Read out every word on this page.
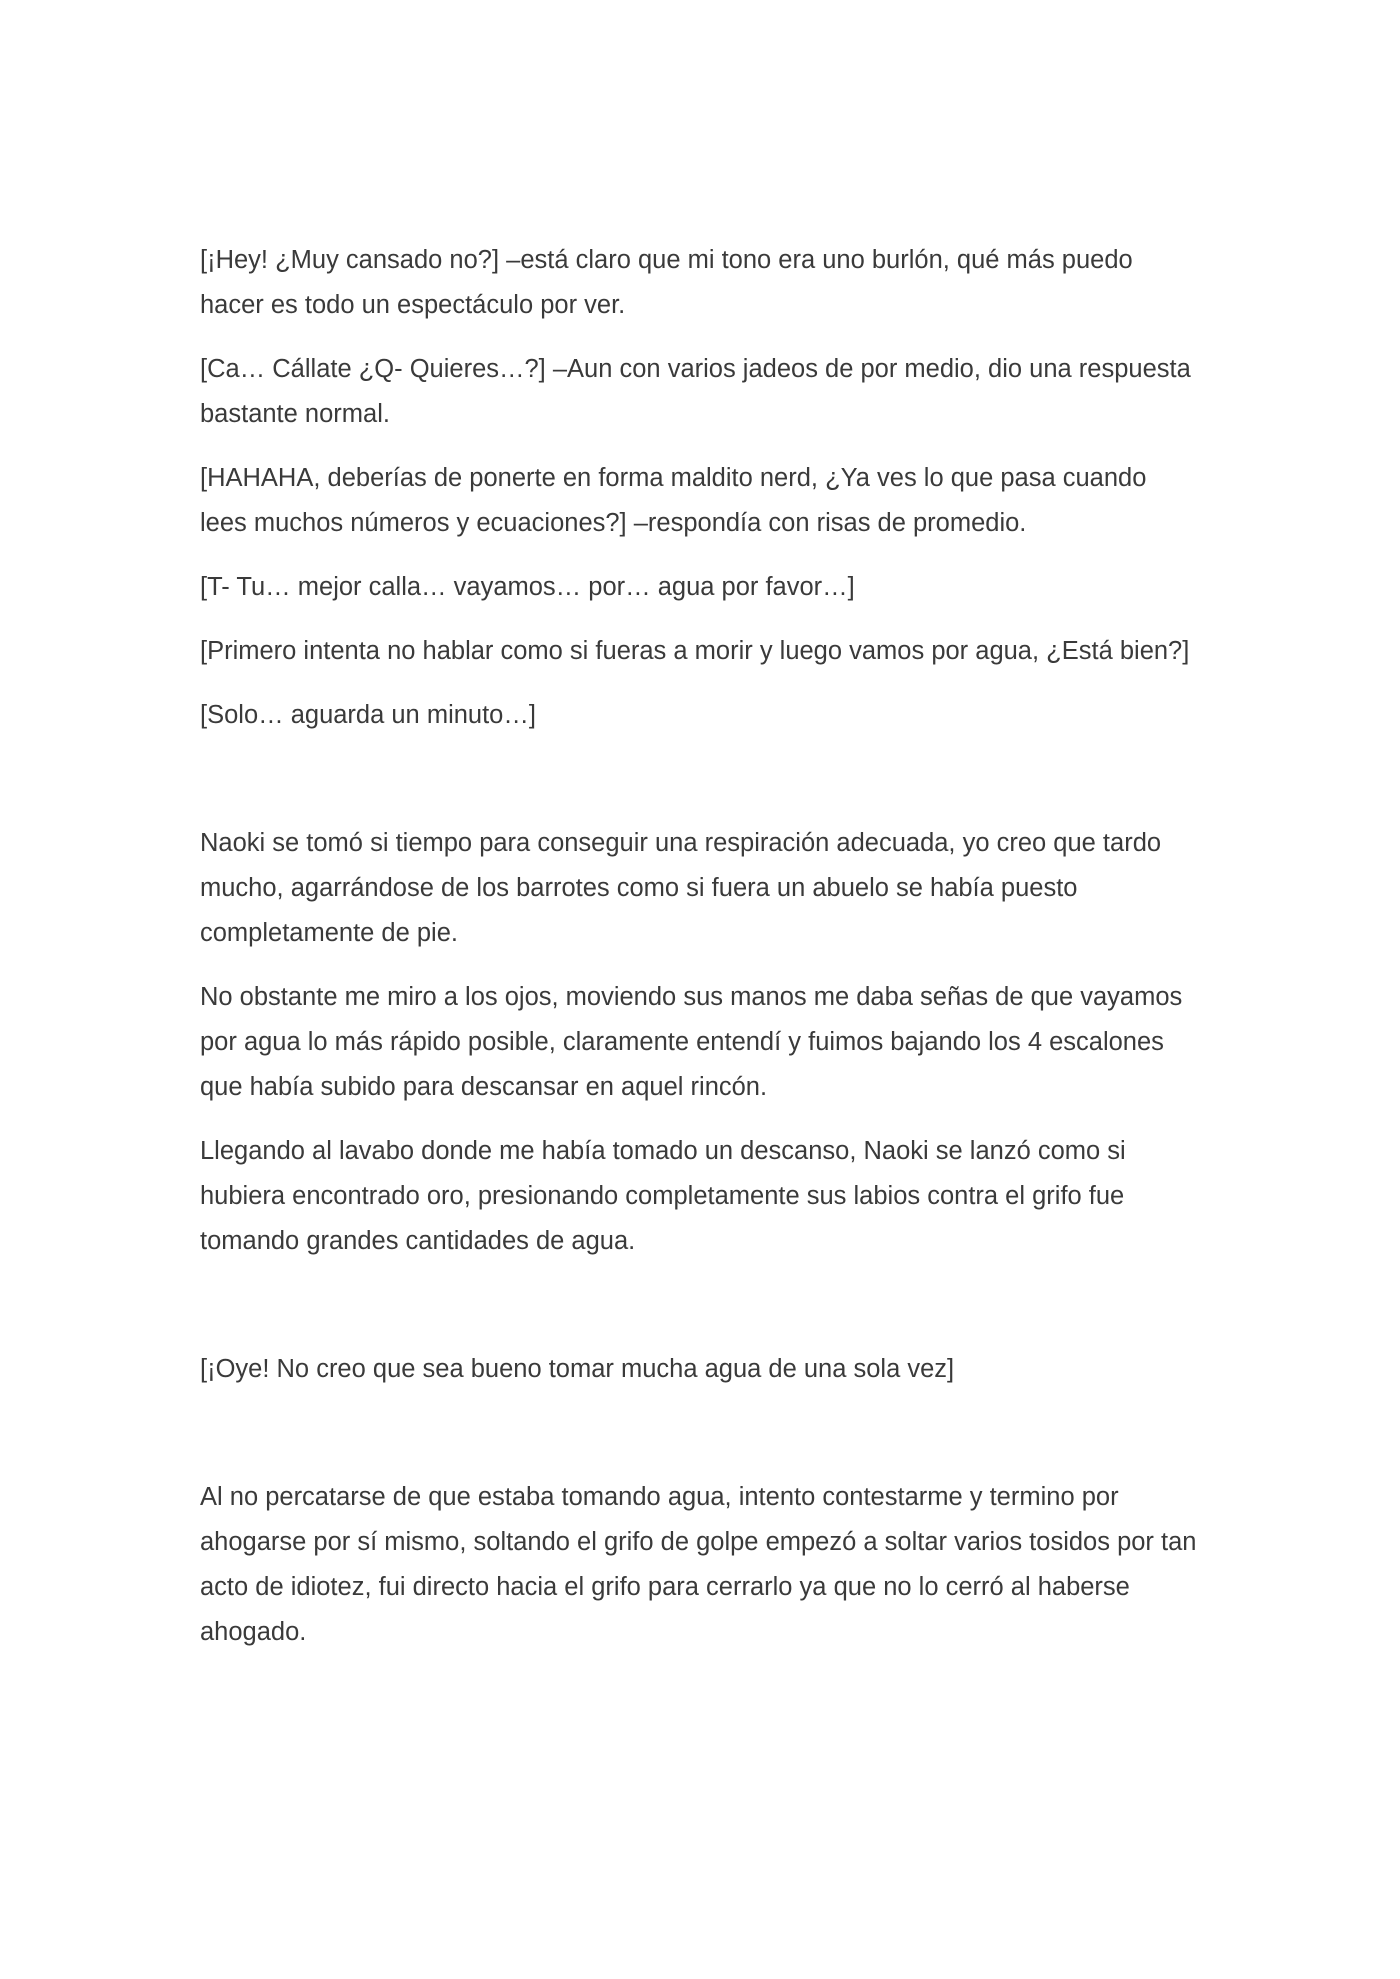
[¡Hey! ¿Muy cansado no?] –está claro que mi tono era uno burlón, qué más puedo hacer es todo un espectáculo por ver.

[Ca… Cállate ¿Q- Quieres…?] –Aun con varios jadeos de por medio, dio una respuesta bastante normal.

[HAHAHA, deberías de ponerte en forma maldito nerd, ¿Ya ves lo que pasa cuando lees muchos números y ecuaciones?] –respondía con risas de promedio.

[T- Tu… mejor calla… vayamos… por… agua por favor…]

[Primero intenta no hablar como si fueras a morir y luego vamos por agua, ¿Está bien?]

[Solo… aguarda un minuto…]

Naoki se tomó si tiempo para conseguir una respiración adecuada, yo creo que tardo mucho, agarrándose de los barrotes como si fuera un abuelo se había puesto completamente de pie.

No obstante me miro a los ojos, moviendo sus manos me daba señas de que vayamos por agua lo más rápido posible, claramente entendí y fuimos bajando los 4 escalones que había subido para descansar en aquel rincón.

Llegando al lavabo donde me había tomado un descanso, Naoki se lanzó como si hubiera encontrado oro, presionando completamente sus labios contra el grifo fue tomando grandes cantidades de agua.

[¡Oye! No creo que sea bueno tomar mucha agua de una sola vez]

Al no percatarse de que estaba tomando agua, intento contestarme y termino por ahogarse por sí mismo, soltando el grifo de golpe empezó a soltar varios tosidos por tan acto de idiotez, fui directo hacia el grifo para cerrarlo ya que no lo cerró al haberse ahogado.
